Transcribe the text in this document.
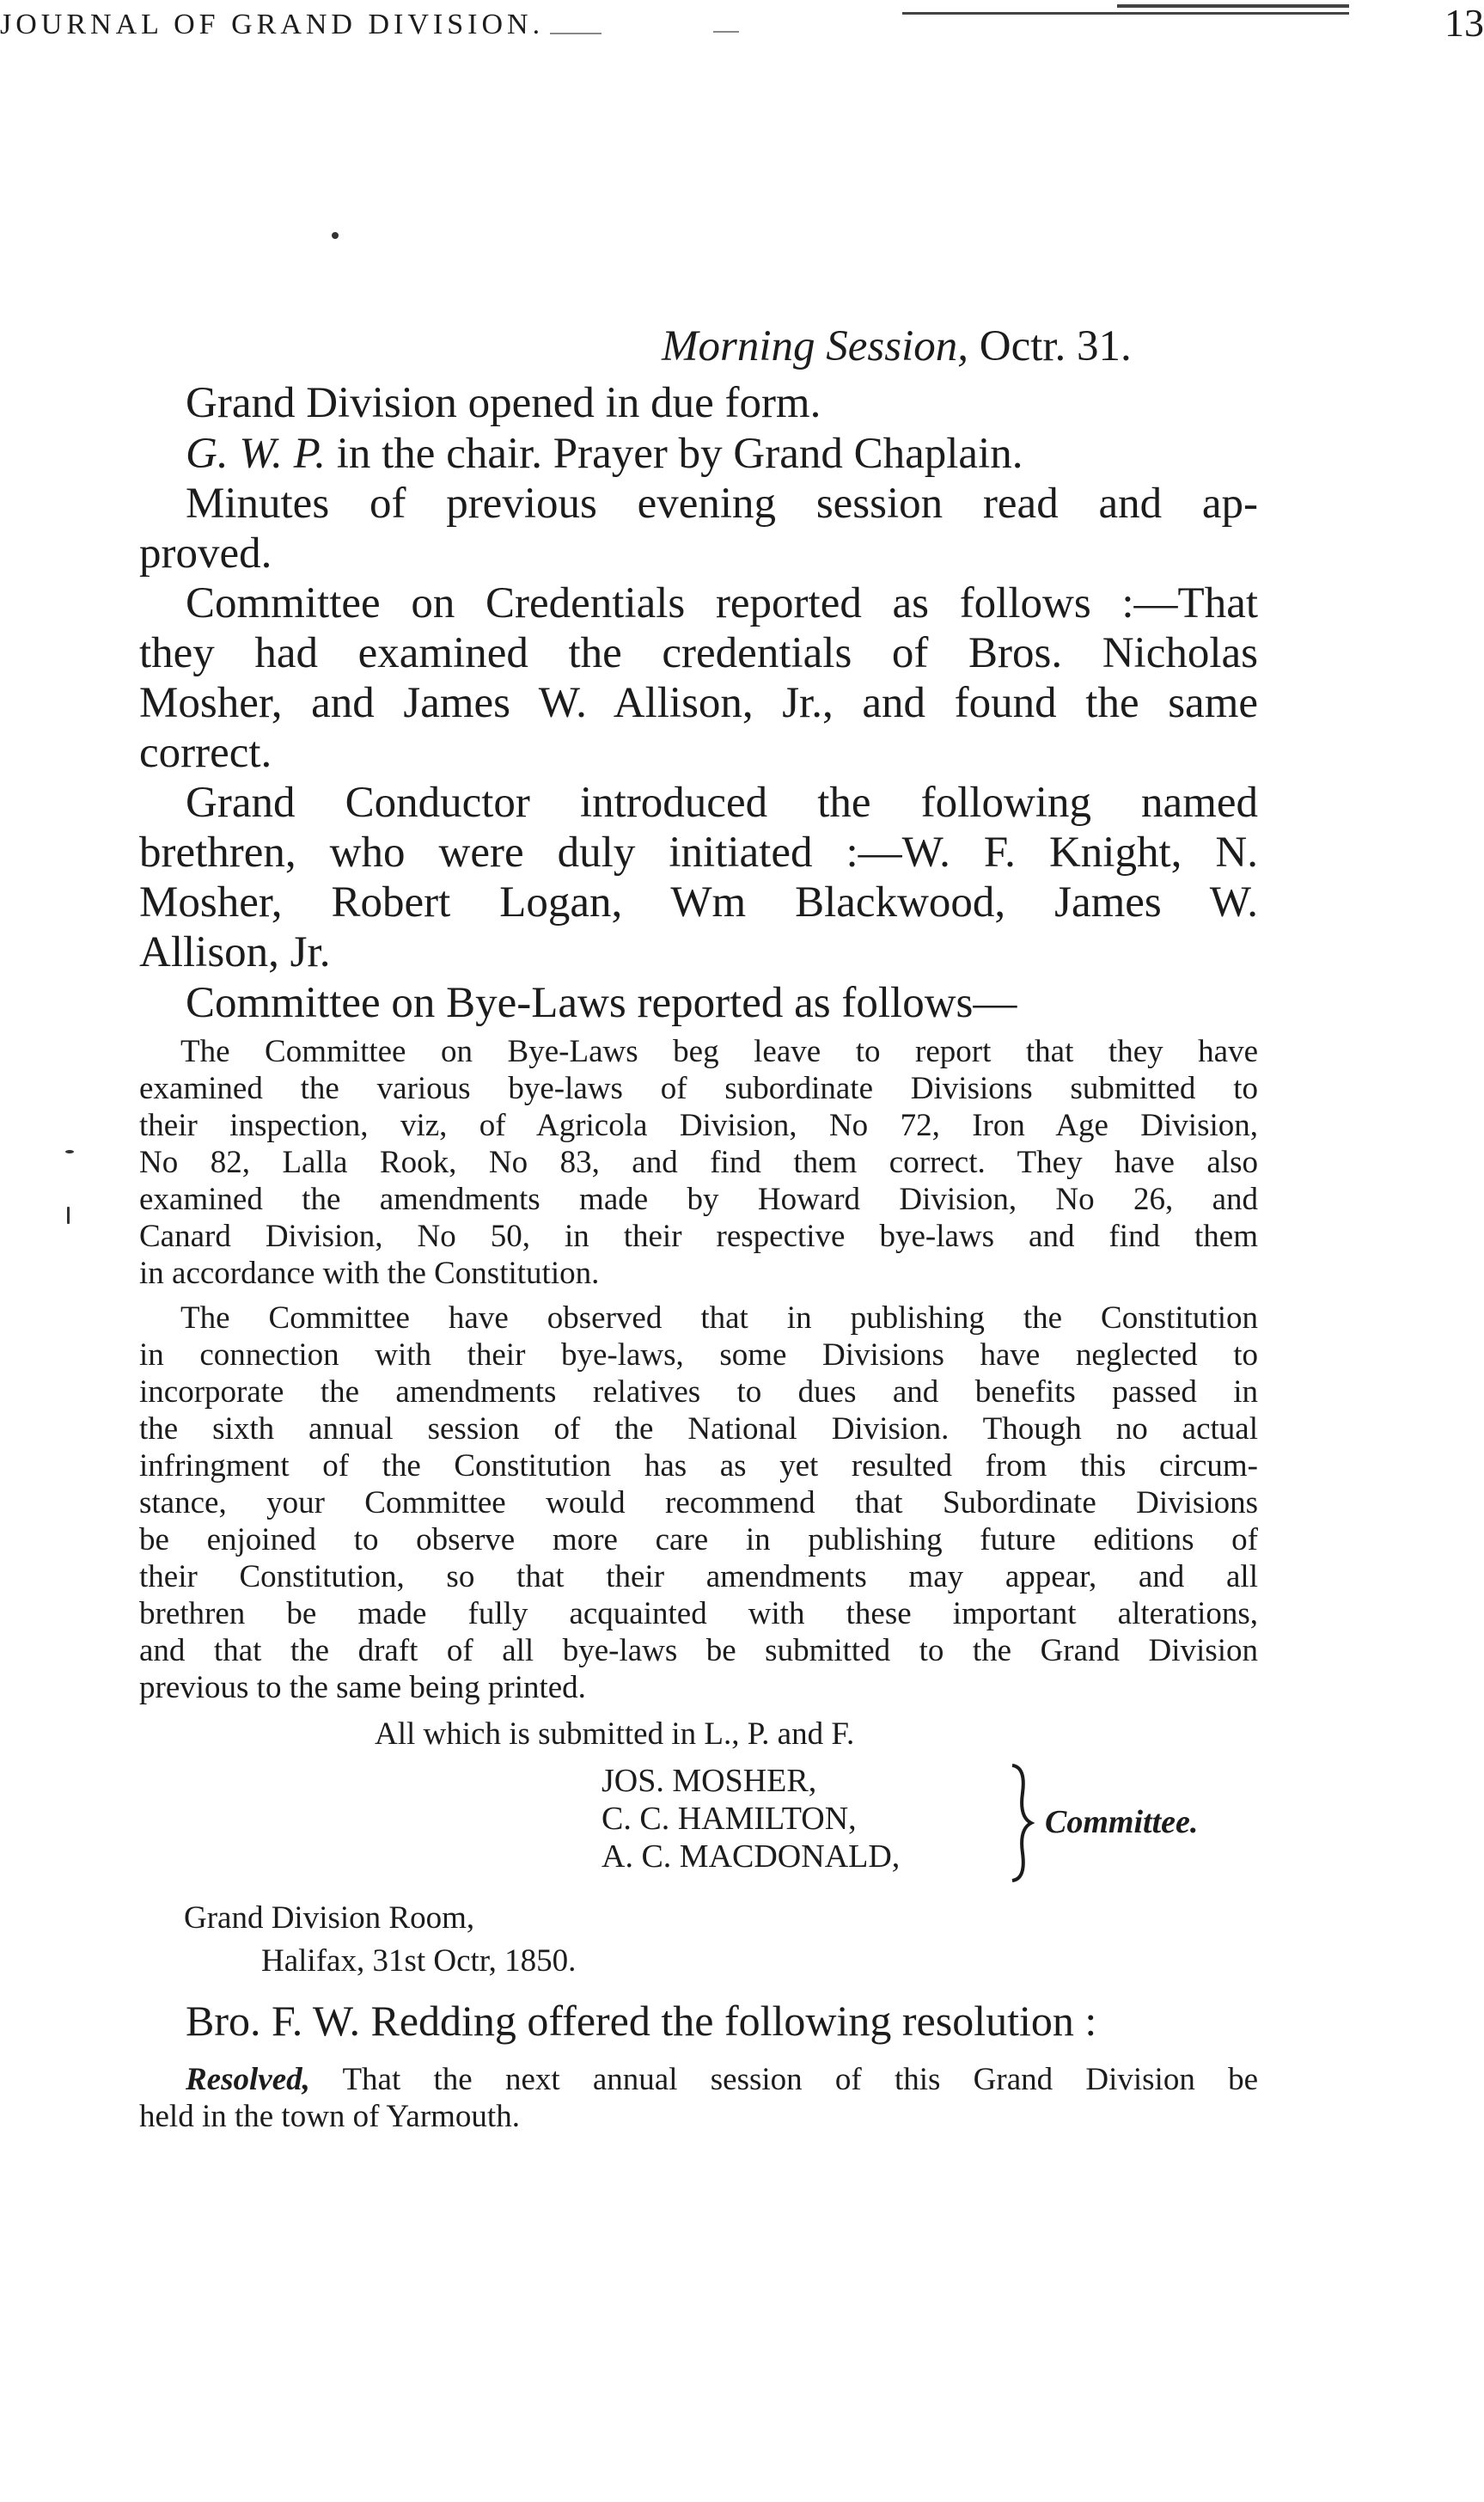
JOURNAL OF GRAND DIVISION.	13
Morning Session, Octr. 31.
Grand Division opened in due form.
G. W. P. in the chair. Prayer by Grand Chaplain.
Minutes of previous evening session read and ap-
proved.
Committee on Credentials reported as follows :—That
they had examined the credentials of Bros. Nicholas
Mosher, and James W. Allison, Jr., and found the same
correct.
Grand Conductor introduced the following named
brethren, who were duly initiated :—W. F. Knight, N.
Mosher, Robert Logan, Wm Blackwood, James W.
Allison, Jr.
Committee on Bye-Laws reported as follows—
The Committee on Bye-Laws beg leave to report that they have
examined the various bye-laws of subordinate Divisions submitted to
their inspection, viz, of Agricola Division, No 72, Iron Age Division,
No 82, Lalla Rook, No 83, and find them correct. They have also
examined the amendments made by Howard Division, No 26, and
Canard Division, No 50, in their respective bye-laws and find them
in accordance with the Constitution.
The Committee have observed that in publishing the Constitution
in connection with their bye-laws, some Divisions have neglected to
incorporate the amendments relatives to dues and benefits passed in
the sixth annual session of the National Division. Though no actual
infringment of the Constitution has as yet resulted from this circum-
stance, your Committee would recommend that Subordinate Divisions
be enjoined to observe more care in publishing future editions of
their Constitution, so that their amendments may appear, and all
brethren be made fully acquainted with these important alterations,
and that the draft of all bye-laws be submitted to the Grand Division
previous to the same being printed.
All which is submitted in L., P. and F.
JOS. MOSHER,
C. C. HAMILTON,
A. C. MACDONALD,
Committee.
Grand Division Room,
Halifax, 31st Octr, 1850.
Bro. F. W. Redding offered the following resolution :
Resolved, That the next annual session of this Grand Division be
held in the town of Yarmouth.
